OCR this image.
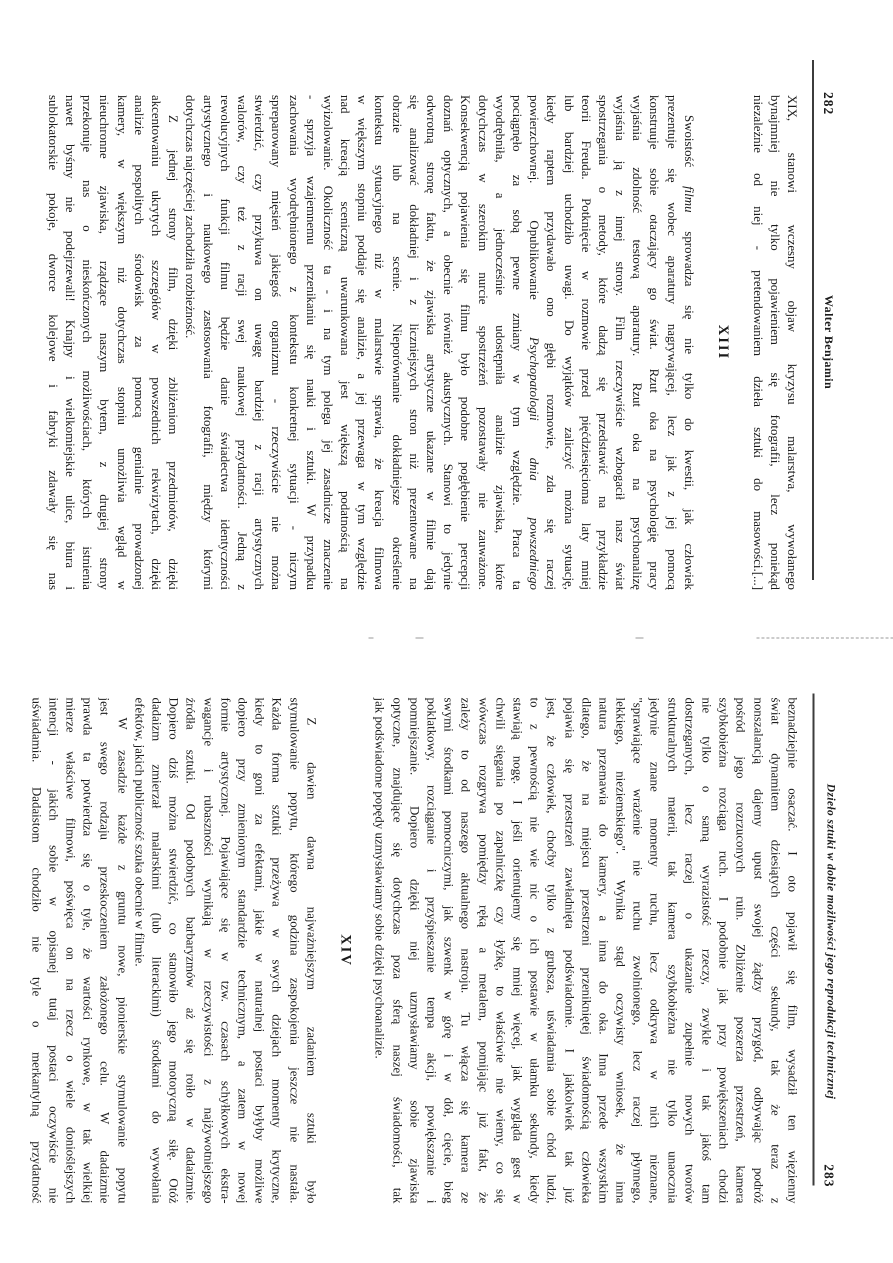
282
Walter Benjamin
XIX, stanowi wczesny objaw kryzysu malarstwa, wywołanego
bynajmniej nie tylko pojawieniem się fotografii, lecz poniekąd
niezależnie od niej - pretendowaniem dzieła sztuki do masowości.[...]
XIII
Swoistość filmu sprowadza się nie tylko do kwestii, jak człowiek
prezentuje się wobec aparatury nagrywającej, lecz jak z jej pomocą
konstruuje sobie otaczający go świat. Rzut oka na psychologię pracy
wyjaśnia zdolność testową aparatury. Rzut oka na psychoanalizę
wyjaśnia ją z innej strony. Film rzeczywiście wzbogacił nasz świat
spostrzegania o metody, które dadzą się przedstawić na przykładzie
teorii Freuda. Potknięcie w rozmowie przed pięćdziesięcioma laty mniej
lub bardziej uchodziło uwagi. Do wyjątków zaliczyć można sytuację,
kiedy raptem przydawało ono głębi rozmowie, zda się raczej
powierzchownej. Opublikowanie Psychopatologii dnia powszedniego
pociągnęło za sobą pewne zmiany w tym względzie. Praca ta
wyodrębniła, a jednocześnie udostępniła analizie zjawiska, które
dotychczas w szerokim nurcie spostrzeżeń pozostawały nie zauważone.
Konsekwencją pojawienia się filmu było podobne pogłębienie percepcji
doznań optycznych, a obecnie również akustycznych. Stanowi to jedynie
odwrotną stronę faktu, że zjawiska artystyczne ukazane w filmie dają
się analizować dokładniej i z liczniejszych stron niż prezentowane na
obrazie lub na scenie. Nieporównanie dokładniejsze określenie
kontekstu sytuacyjnego niż w malarstwie sprawia, że kreacja filmowa
w większym stopniu poddaje się analizie, a jej przewaga w tym względzie
nad kreacją sceniczną uwarunkowana jest większą podatnością na
wyizolowanie. Okoliczność ta - i na tym polega jej zasadnicze znaczenie
- sprzyja wzajemnemu przenikaniu się nauki i sztuki. W przypadku
zachowania wyodrębnionego z kontekstu konkretnej sytuacji - niczym
spreparowany mięsień jakiegoś organizmu - rzeczywiście nie można
stwierdzić, czy przykuwa on uwagę bardziej z racji artystycznych
walorów, czy też z racji swej naukowej przydatności. Jedną z
rewolucyjnych funkcji filmu będzie danie świadectwa identyczności
artystycznego i naukowego zastosowania fotografii, między którymi
dotychczas najczęściej zachodziła rozbieżność.
Z jednej strony film, dzięki zbliżeniom przedmiotów, dzięki
akcentowaniu ukrytych szczegółów w powszednich rekwizytach, dzięki
analizie pospolitych środowisk za pomocą genialnie prowadzonej
kamery, w większym niż dotychczas stopniu umożliwia wgląd w
nieuchronne zjawiska, rządzące naszym bytem, z drugiej strony
przekonuje nas o nieskończonych możliwościach, których istnienia
nawet byśmy nie podejrzewali! Knajpy i wielkomiejskie ulice, biura i
sublokatorskie pokoje, dworce kolejowe i fabryki zdawały się nas
Dzieło sztuki w dobie możliwości jego reprodukcji technicznej
283
beznadziejnie osaczać. I oto pojawił się film, wysadził ten więzienny
świat dynamitem dziesiątych części sekundy, tak że teraz z
nonszalancją dajemy upust swojej żądzy przygód, odbywając podróż
pośród jego rozrzuconych ruin. Zbliżenie poszerza przestrzeń, kamera
szybkobieżna rozciąga ruch. I podobnie jak przy powiększeniach chodzi
nie tylko o samą wyrazistość rzeczy, zwykle i tak jakoś tam
dostrzeganych, lecz raczej o ukazanie zupełnie nowych tworów
strukturalnych materii, tak kamera szybkobieżna nie tylko unaocznia
jedynie znane momenty ruchu, lecz odkrywa w nich nieznane,
"sprawiające wrażenie nie ruchu zwolnionego, lecz raczej płynnego,
lekkiego, nieziemskiego". Wynika stąd oczywisty wniosek, że inna
natura przemawia do kamery, a inna do oka. Inna przede wszystkim
dlatego, że na miejscu przestrzeni przenikniętej świadomością człowieka
pojawia się przestrzeń zawładnięta podświadomie. I jakkolwiek tak już
jest, że człowiek, choćby tylko z grubsza, uświadamia sobie chód ludzi,
to z pewnością nie wie nic o ich postawie w ułamku sekundy, kiedy
stawiają nogę. I jeśli orientujemy się mniej więcej, jak wygląda gest w
chwili sięgania po zapalniczkę czy łyżkę, to właściwie nie wiemy, co się
wówczas rozgrywa pomiędzy ręką a metalem, pomijając już fakt, że
zależy to od naszego aktualnego nastroju. Tu włącza się kamera ze
swymi środkami pomocniczymi, jak szwenk w górę i w dół, cięcie, bieg
poklatkowy, rozciąganie i przyśpieszanie tempa akcji, powiększanie i
pomniejszanie. Dopiero dzięki niej uzmysławiamy sobie zjawiska
optyczne, znajdujące się dotychczas poza sferą naszej świadomości, tak
jak podświadome popędy uzmysławiamy sobie dzięki psychoanalizie.
XIV
Z dawien dawna najważniejszym zadaniem sztuki było
stymulowanie popytu, którego godzina zaspokojenia jeszcze nie nastała.
Każda forma sztuki przeżywa w swych dziejach momenty krytyczne,
kiedy to goni za efektami, jakie w naturalnej postaci byłyby możliwe
dopiero przy zmienionym standardzie technicznym, a zatem w nowej
formie artystycznej. Pojawiające się w tzw. czasach schyłkowych ekstra-
wagancje i rubaszności wynikają w rzeczywistości z najżywotniejszego
źródła sztuki. Od podobnych barbaryzmów aż się roiło w dadaizmie.
Dopiero dziś można stwierdzić, co stanowiło jego motoryczną siłę. Otóż
dadaizm zmierzał malarskimi (lub literackimi) środkami do wywołania
efektów, jakich publiczność szuka obecnie w filmie.
W zasadzie każde z gruntu nowe, pionierskie stymulowanie popytu
jest swego rodzaju przeskoczeniem założonego celu. W dadaizmie
prawda ta potwierdza się o tyle, że wartości rynkowe, w tak wielkiej
mierze właściwe filmowi, poświęca on na rzecz o wiele donioślejszych
intencji - jakich sobie w opisanej tutaj postaci oczywiście nie
uświadamia. Dadaistom chodziło nie tyle o merkantylną przydatność
